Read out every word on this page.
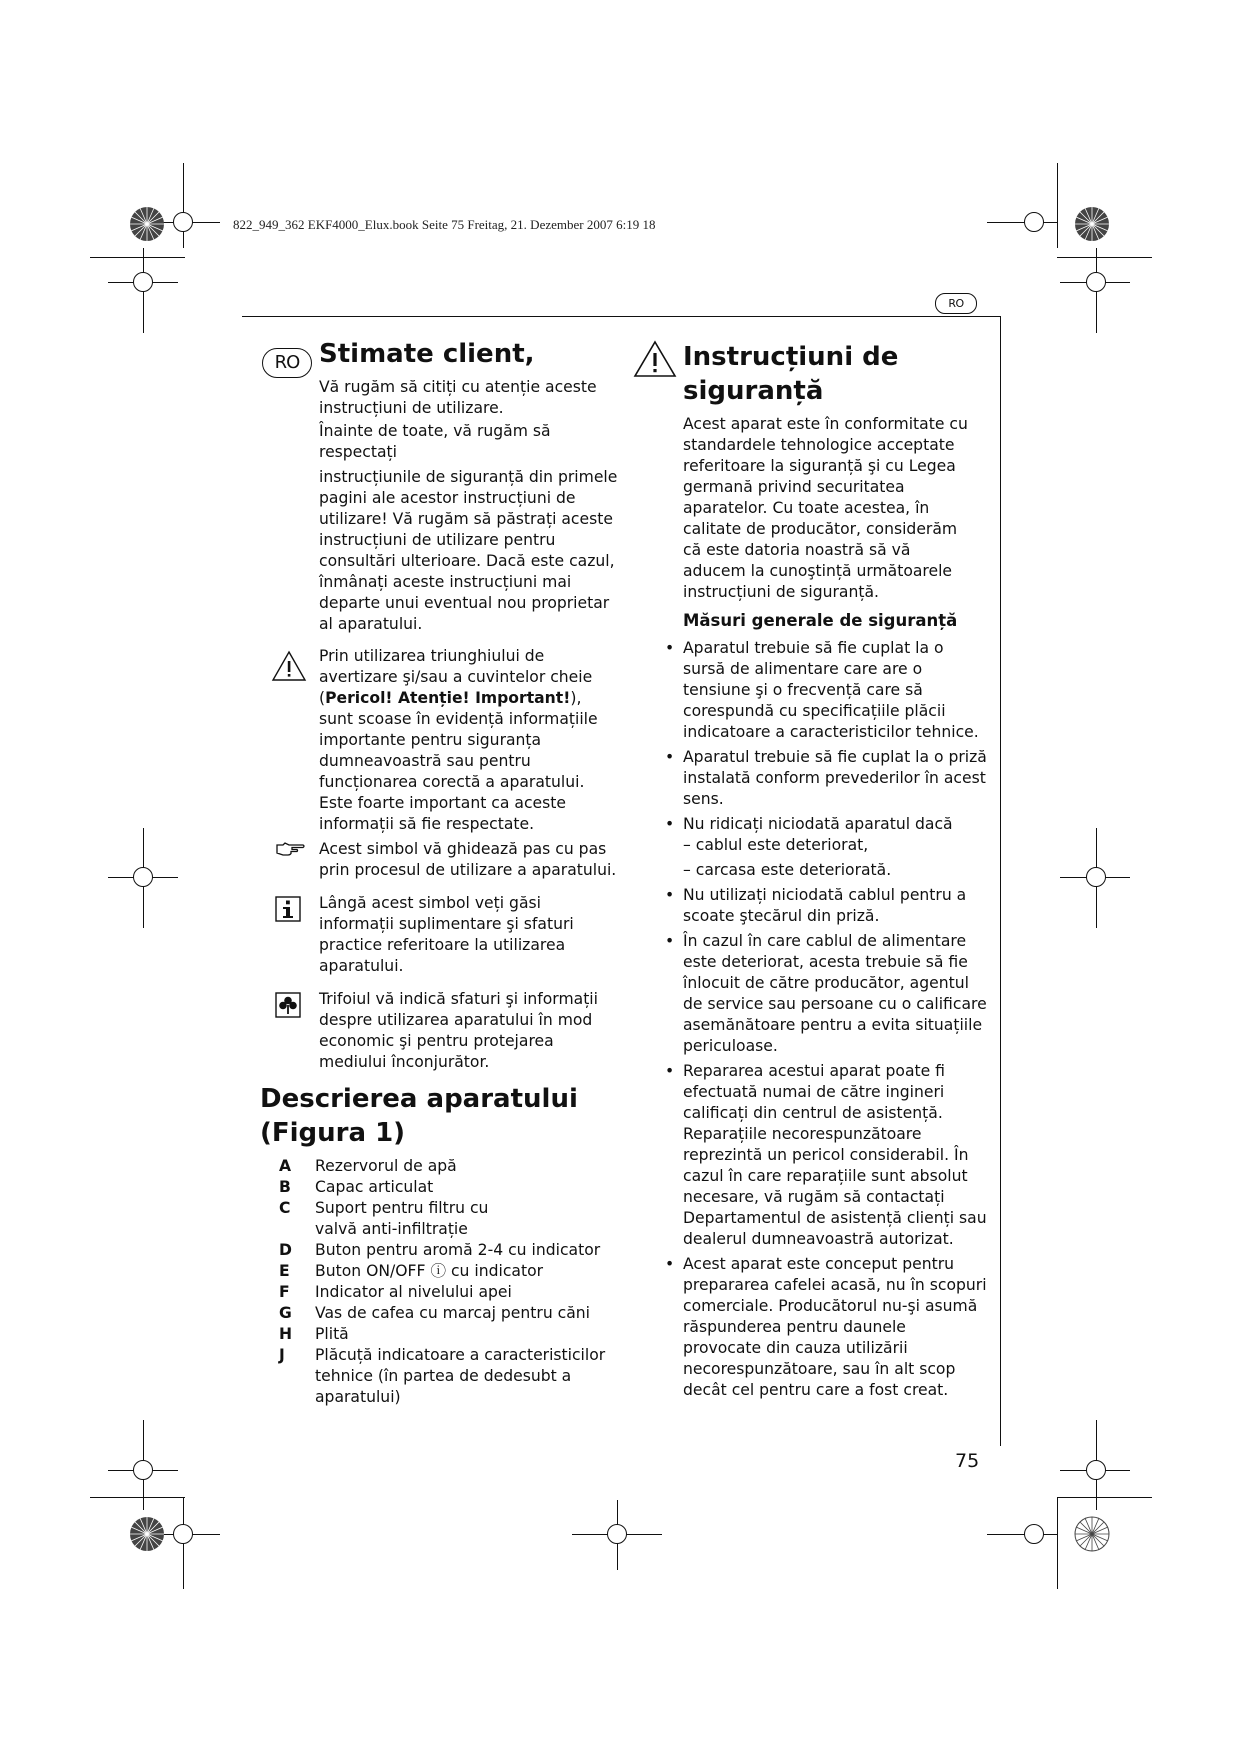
822_949_362 EKF4000_Elux.book Seite 75 Freitag, 21. Dezember 2007 6:19 18
RO
RO Stimate client,

Vă rugăm să citiți cu atenție aceste instrucțiuni de utilizare.

Înainte de toate, vă rugăm să respectați

instrucțiunile de siguranță din primele pagini ale acestor instrucțiuni de utilizare! Vă rugăm să păstrați aceste instrucțiuni de utilizare pentru consultări ulterioare. Dacă este cazul, înmânați aceste instrucțiuni mai departe unui eventual nou proprietar al aparatului.

Prin utilizarea triunghiului de avertizare şi/sau a cuvintelor cheie (Pericol! Atenție! Important!), sunt scoase în evidență informațiile importante pentru siguranța dumneavoastră sau pentru funcționarea corectă a aparatului. Este foarte important ca aceste informații să fie respectate.

Acest simbol vă ghidează pas cu pas prin procesul de utilizare a aparatului.

Lângă acest simbol veți găsi informații suplimentare şi sfaturi practice referitoare la utilizarea aparatului.

Trifoiul vă indică sfaturi şi informații despre utilizarea aparatului în mod economic şi pentru protejarea mediului înconjurător.

Descrierea aparatului
(Figura 1)
A	Rezervorul de apă
B	Capac articulat
C	Suport pentru filtru cu valvă anti-infiltrație
D	Buton pentru aromă 2-4 cu indicator
E	Buton ON/OFF ⓘ cu indicator
F	Indicator al nivelului apei
G	Vas de cafea cu marcaj pentru căni
H	Plită
J	Plăcuță indicatoare a caracteristicilor tehnice (în partea de dedesubt a aparatului)
Instrucțiuni de
siguranță

Acest aparat este în conformitate cu standardele tehnologice acceptate referitoare la siguranță şi cu Legea germană privind securitatea aparatelor. Cu toate acestea, în calitate de producător, considerăm că este datoria noastră să vă aducem la cunoştință următoarele instrucțiuni de siguranță.

Măsuri generale de siguranță
• Aparatul trebuie să fie cuplat la o sursă de alimentare care are o tensiune şi o frecvență care să corespundă cu specificațiile plăcii indicatoare a caracteristicilor tehnice.
• Aparatul trebuie să fie cuplat la o priză instalată conform prevederilor în acest sens.
• Nu ridicați niciodată aparatul dacă
– cablul este deteriorat,
– carcasa este deteriorată.
• Nu utilizați niciodată cablul pentru a scoate ştecărul din priză.
• În cazul în care cablul de alimentare este deteriorat, acesta trebuie să fie înlocuit de către producător, agentul de service sau persoane cu o calificare asemănătoare pentru a evita situațiile periculoase.
• Repararea acestui aparat poate fi efectuată numai de către ingineri calificați din centrul de asistență. Reparațiile necorespunzătoare reprezintă un pericol considerabil. În cazul în care reparațiile sunt absolut necesare, vă rugăm să contactați Departamentul de asistență clienți sau dealerul dumneavoastră autorizat.
• Acest aparat este conceput pentru prepararea cafelei acasă, nu în scopuri comerciale. Producătorul nu-şi asumă răspunderea pentru daunele provocate din cauza utilizării necorespunzătoare, sau în alt scop decât cel pentru care a fost creat.
75
